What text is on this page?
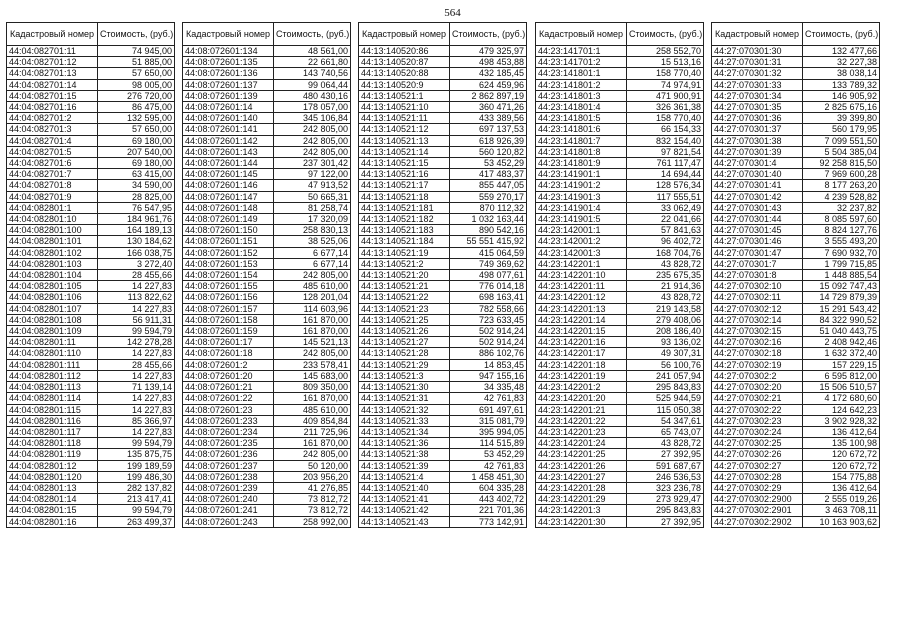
564
Кадастровый номер	Стоимость, (руб.)
44:04:082701:11	74 945,00
44:04:082701:12	51 885,00
44:04:082701:13	57 650,00
44:04:082701:14	98 005,00
44:04:082701:15	276 720,00
44:04:082701:16	86 475,00
44:04:082701:2	132 595,00
44:04:082701:3	57 650,00
44:04:082701:4	69 180,00
44:04:082701:5	207 540,00
44:04:082701:6	69 180,00
44:04:082701:7	63 415,00
44:04:082701:8	34 590,00
44:04:082701:9	28 825,00
44:04:082801:1	76 547,95
44:04:082801:10	184 961,76
44:04:082801:100	164 189,13
44:04:082801:101	130 184,62
44:04:082801:102	166 038,75
44:04:082801:103	3 272,40
44:04:082801:104	28 455,66
44:04:082801:105	14 227,83
44:04:082801:106	113 822,62
44:04:082801:107	14 227,83
44:04:082801:108	56 911,31
44:04:082801:109	99 594,79
44:04:082801:11	142 278,28
44:04:082801:110	14 227,83
44:04:082801:111	28 455,66
44:04:082801:112	14 227,83
44:04:082801:113	71 139,14
44:04:082801:114	14 227,83
44:04:082801:115	14 227,83
44:04:082801:116	85 366,97
44:04:082801:117	14 227,83
44:04:082801:118	99 594,79
44:04:082801:119	135 875,75
44:04:082801:12	199 189,59
44:04:082801:120	199 486,30
44:04:082801:13	282 137,82
44:04:082801:14	213 417,41
44:04:082801:15	99 594,79
44:04:082801:16	263 499,37
Кадастровый номер	Стоимость, (руб.)
44:08:072601:134	48 561,00
44:08:072601:135	22 661,80
44:08:072601:136	143 740,56
44:08:072601:137	99 064,44
44:08:072601:139	480 430,16
44:08:072601:14	178 057,00
44:08:072601:140	345 106,84
44:08:072601:141	242 805,00
44:08:072601:142	242 805,00
44:08:072601:143	242 805,00
44:08:072601:144	237 301,42
44:08:072601:145	97 122,00
44:08:072601:146	47 913,52
44:08:072601:147	50 665,31
44:08:072601:148	81 258,74
44:08:072601:149	17 320,09
44:08:072601:150	258 830,13
44:08:072601:151	38 525,06
44:08:072601:152	6 677,14
44:08:072601:153	6 677,14
44:08:072601:154	242 805,00
44:08:072601:155	485 610,00
44:08:072601:156	128 201,04
44:08:072601:157	114 603,96
44:08:072601:158	161 870,00
44:08:072601:159	161 870,00
44:08:072601:17	145 521,13
44:08:072601:18	242 805,00
44:08:072601:2	233 578,41
44:08:072601:20	145 683,00
44:08:072601:21	809 350,00
44:08:072601:22	161 870,00
44:08:072601:23	485 610,00
44:08:072601:233	409 854,84
44:08:072601:234	211 725,96
44:08:072601:235	161 870,00
44:08:072601:236	242 805,00
44:08:072601:237	50 120,00
44:08:072601:238	203 956,20
44:08:072601:239	41 276,85
44:08:072601:240	73 812,72
44:08:072601:241	73 812,72
44:08:072601:243	258 992,00
Кадастровый номер	Стоимость, (руб.)
44:13:140520:86	479 325,97
44:13:140520:87	498 453,88
44:13:140520:88	432 185,45
44:13:140520:9	624 459,96
44:13:140521:1	2 862 897,19
44:13:140521:10	360 471,26
44:13:140521:11	433 389,56
44:13:140521:12	697 137,53
44:13:140521:13	618 926,39
44:13:140521:14	560 120,82
44:13:140521:15	53 452,29
44:13:140521:16	417 483,37
44:13:140521:17	855 447,05
44:13:140521:18	559 270,17
44:13:140521:181	870 112,32
44:13:140521:182	1 032 163,44
44:13:140521:183	890 542,16
44:13:140521:184	55 551 415,92
44:13:140521:19	415 064,59
44:13:140521:2	749 369,62
44:13:140521:20	498 077,61
44:13:140521:21	776 014,18
44:13:140521:22	698 163,41
44:13:140521:23	782 558,66
44:13:140521:25	723 633,45
44:13:140521:26	502 914,24
44:13:140521:27	502 914,24
44:13:140521:28	886 102,76
44:13:140521:29	14 853,45
44:13:140521:3	947 155,16
44:13:140521:30	34 335,48
44:13:140521:31	42 761,83
44:13:140521:32	691 497,61
44:13:140521:33	315 081,79
44:13:140521:34	395 994,05
44:13:140521:36	114 515,89
44:13:140521:38	53 452,29
44:13:140521:39	42 761,83
44:13:140521:4	1 458 451,30
44:13:140521:40	604 335,28
44:13:140521:41	443 402,72
44:13:140521:42	221 701,36
44:13:140521:43	773 142,91
Кадастровый номер	Стоимость, (руб.)
44:23:141701:1	258 552,70
44:23:141701:2	15 513,16
44:23:141801:1	158 770,40
44:23:141801:2	74 974,91
44:23:141801:3	471 900,91
44:23:141801:4	326 361,38
44:23:141801:5	158 770,40
44:23:141801:6	66 154,33
44:23:141801:7	832 154,40
44:23:141801:8	97 821,54
44:23:141801:9	761 117,47
44:23:141901:1	14 694,44
44:23:141901:2	128 576,34
44:23:141901:3	117 555,51
44:23:141901:4	33 062,49
44:23:141901:5	22 041,66
44:23:142001:1	57 841,63
44:23:142001:2	96 402,72
44:23:142001:3	168 704,76
44:23:142201:1	43 828,72
44:23:142201:10	235 675,35
44:23:142201:11	21 914,36
44:23:142201:12	43 828,72
44:23:142201:13	219 143,58
44:23:142201:14	279 408,06
44:23:142201:15	208 186,40
44:23:142201:16	93 136,02
44:23:142201:17	49 307,31
44:23:142201:18	56 100,76
44:23:142201:19	241 057,94
44:23:142201:2	295 843,83
44:23:142201:20	525 944,59
44:23:142201:21	115 050,38
44:23:142201:22	54 347,61
44:23:142201:23	65 743,07
44:23:142201:24	43 828,72
44:23:142201:25	27 392,95
44:23:142201:26	591 687,67
44:23:142201:27	246 536,53
44:23:142201:28	323 236,78
44:23:142201:29	273 929,47
44:23:142201:3	295 843,83
44:23:142201:30	27 392,95
Кадастровый номер	Стоимость, (руб.)
44:27:070301:30	132 477,66
44:27:070301:31	32 227,38
44:27:070301:32	38 038,14
44:27:070301:33	133 789,32
44:27:070301:34	146 905,92
44:27:070301:35	2 825 675,16
44:27:070301:36	39 399,80
44:27:070301:37	560 179,95
44:27:070301:38	7 099 551,50
44:27:070301:39	5 504 385,04
44:27:070301:4	92 258 815,50
44:27:070301:40	7 969 600,28
44:27:070301:41	8 177 263,20
44:27:070301:42	4 239 528,82
44:27:070301:43	32 237,82
44:27:070301:44	8 085 597,60
44:27:070301:45	8 824 127,76
44:27:070301:46	3 555 493,20
44:27:070301:47	7 690 932,70
44:27:070301:7	1 799 715,85
44:27:070301:8	1 448 885,54
44:27:070302:10	15 092 747,43
44:27:070302:11	14 729 879,39
44:27:070302:12	15 291 543,42
44:27:070302:14	84 322 990,52
44:27:070302:15	51 040 443,75
44:27:070302:16	2 408 942,46
44:27:070302:18	1 632 372,40
44:27:070302:19	157 229,15
44:27:070302:2	6 595 812,00
44:27:070302:20	15 506 510,57
44:27:070302:21	4 172 680,60
44:27:070302:22	124 642,23
44:27:070302:23	3 902 928,32
44:27:070302:24	136 412,64
44:27:070302:25	135 100,98
44:27:070302:26	120 672,72
44:27:070302:27	120 672,72
44:27:070302:28	154 775,88
44:27:070302:29	136 412,64
44:27:070302:2900	2 555 019,26
44:27:070302:2901	3 463 708,11
44:27:070302:2902	10 163 903,62
